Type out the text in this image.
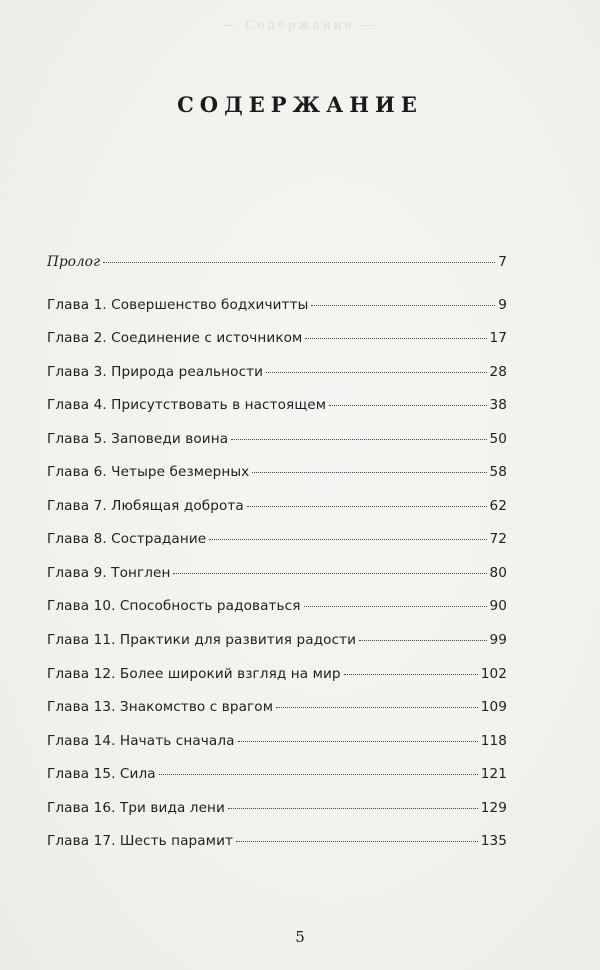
— Содержание —
СОДЕРЖАНИЕ
Пролог	7
Глава 1. Совершенство бодхичитты	9
Глава 2. Соединение с источником	17
Глава 3. Природа реальности	28
Глава 4. Присутствовать в настоящем	38
Глава 5. Заповеди воина	50
Глава 6. Четыре безмерных	58
Глава 7. Любящая доброта	62
Глава 8. Сострадание	72
Глава 9. Тонглен	80
Глава 10. Способность радоваться	90
Глава 11. Практики для развития радости	99
Глава 12. Более широкий взгляд на мир	102
Глава 13. Знакомство с врагом	109
Глава 14. Начать сначала	118
Глава 15. Сила	121
Глава 16. Три вида лени	129
Глава 17. Шесть парамит	135
5
